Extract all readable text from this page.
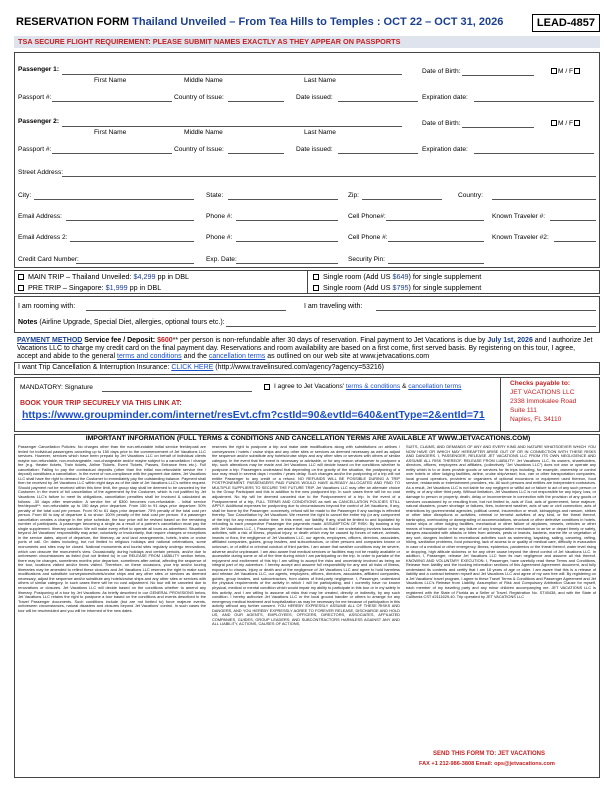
RESERVATION FORM Thailand Unveiled – From Tea Hills to Temples : OCT 22 – OCT 31, 2026	LEAD-4857
TSA SECURE FLIGHT REQUIREMENT: PLEASE SUBMIT NAMES EXACTLY AS THEY APPEAR ON PASSPORTS
Passenger 1:
First Name	Middle Name	Last Name
Date of Birth:	M / F
Passport #:	Country of Issue:	Date issued:	Expiration date:
Passenger 2:
First Name	Middle Name	Last Name
Date of Birth:	M / F
Passport #:	Country of Issue:	Date issued:	Expiration date:
Street Address:
City:	State:	Zip:	Country:
Email Address:	Phone #:	Cell Phone#:	Known Traveler #:
Email Address 2:	Phone #:	Cell Phone #:	Known Traveler #2:
Credit Card Number:	Exp. Date:	Security Pin:
MAIN TRIP – Thailand Unveiled: $4,299 pp in DBL
PRE TRIP – Singapore: $1,999 pp in DBL
Single room (Add US $649) for single supplement
Single room (Add US $795) for single supplement
I am rooming with:	I am traveling with:
Notes (Airline Upgrade, Special Diet, allergies, optional tours etc.):
PAYMENT METHOD Service fee / Deposit: $600** per person is non-refundable after 30 days of reservation. Final payment to Jet Vacations is due by July 1st, 2026 and I authorize Jet Vacations LLC to charge my credit card on the final payment day. Reservations and room availability are based on a first come, first served basis. By registering on this tour, I agree, accept and abide to the general terms and conditions and the cancellation terms as outlined on our web site at www.jetvacations.com
I want Trip Cancellation & Interruption Insurance: CLICK HERE (http://www.travelinsured.com/agency?agency=53216)
MANDATORY: Signature	I agree to Jet Vacations' terms & conditions & cancellation terms
BOOK YOUR TRIP SECURELY VIA THIS LINK AT:
https://www.groupminder.com/internet/resEvt.cfm?cstId=90&evtId=640&entType=2&entId=71
Checks payable to:
JET VACATIONS LLC
2338 Immokalee Road
Suite 111
Naples, FL 34110
IMPORTANT INFORMATION (FULL TERMS & CONDITIONS AND CANCELLATION TERMS ARE AVAILABLE AT WWW.JETVACATIONS.COM)
Passenger Cancellation Policies: No charges other than the non-refundable initial service fee/deposit are levied for individual passengers canceling up to 150 days prior to the commencement of Jet Vacations LLC services. However, services which have been prepaid by Jet Vacations LLC on behalf of individual clients maybe non-refundable, non-exchangeable, non-changeable and/or maybe subject to a cancellation / change fee (e.g. theater tickets, Train tickets, Airline Tickets, Event Tickets, Passes, Entrance fees etc.). Full cancellation: Failing to pay the contractual deposits (other than the initial non-refundable service fee / deposit) constitutes a cancellation. In the event of non-compliance with the payment due dates, Jet Vacations LLC shall have the right to demand the Customer to immediately pay the outstanding balance. Payment shall then be received by Jet Vacations LLC within eight days as of the date of Jet Vacations LLC's written request. Should payment not be received within this time limit, the group stay shall be deemed to be canceled by the Customer. In the event of full cancellation of the agreement by the Customer, which is not justified by Jet Vacations LLC's failure to meet its obligations, cancellation penalties shall be invoiced & calculated as follows: -30 days after reservation: A service fee of $300 becomes non-refundable. - Initial service fee/deposit**: non-refundable up to 150 days prior departure. From 150 to 91 days prior departure: 50% penalty of the total cost per person. From 90 to 61 days prior departure: 75% penalty of the total cost per person. From 60 to day of departure & no show: 100% penalty of the total cost per person. If a passenger cancellation creates a change in the price schedule, the tour price will be revised based on the remaining number of participants. A passenger becoming a single as a result of a partner's cancellation must pay the single supplement. Itinerary variation: We will make every effort to operate all tours as advertised. Situations beyond Jet Vacations' responsibility may arise, voluntarily or involuntarily, that require changes or exceptions in the service dates, airport of departure, the itinerary, air and land arrangements, hotels, trains or cruise ports of call. On dates including, but not limited to religious holidays and national celebrations, some monuments and sites may be closed. National monuments and tourist sites regularly undergo renovations, which can obscure the monument's view. Occasionally, during holidays and certain periods, and/or due to unforeseen circumstances as listed (but not limited to) in our RELEASE FROM LIABILITY section below, there may be changes, sometimes months prior departure, sometimes after arrival, affecting the sequence of the tour, locations visited and/or times visited. Therefore, on these occasions, your trip and/or touring itineraries may be amended to reflect these closures and Jet Vacations LLC reserves the right to make such modifications and substitute conveyances/hotels/cruise ships and any other sites or services as deemed necessary, adjust the sequence and/or substitute any hotels/cruise ships and any other sites or services with others of similar category. In such cases there will be no cost adjustment. No tour will be canceled due to renovations or closures. Jet Vacations LLC will decide based on the conditions whether to amend any itinerary. Postponing of a tour by Jet Vacations: As briefly described in our GENERAL PROVISIONS below, Jet Vacations LLC retains the right to postpone a tour based on the conditions and events described in the Travel Passenger documents. Such conditions include (but are not limited to) force majeure events, unforeseen circumstances, natural disasters and closures beyond Jet Vacations' control. In such cases the tour will be rescheduled and you will be informed of the new dates.
reserves the right to postpone a trip and make date modifications along with substitutions on airlines / conveyances / hotels / cruise ships and any other sites or services as deemed necessary as well as adjust the sequence and/or substitute any hotels/cruise ships and any other sites or services with others of similar category. In the event that the event is necessary or advisable, or for any reason whatsoever to postpone a trip, such alterations may be made and Jet Vacations LLC will decide based on the conditions whether to postpone a trip. Passengers understand that depending on the gravity of the situation, the postponing of a tour may result in several days / months / years delay. Such changes and/or the postponing of a trip will not entitle Passenger to any credit or a refund. NO REFUNDS WILL BE POSSIBLE DURING A TRIP POSTPONEMENT. PASSENGERS PAID FUNDS WOULD HAVE ALREADY ALLOCATED AND PAID TO MULTIPLE SUPPLIERS TO SECURE THE FUTURE TRIP. Jet Vacations LLC may offer an alternate choice to the Group Participant and this in addition to the new postponed trip. In such cases there will be no cost adjustment. No trip will be deemed canceled due to the Postponement of a trip. In the event of a Postponement of a trip, FULL TERMS AND CONDITIONS as well as CANCELLATION POLICIES STILL APPLY. Additional expenses for postponing due to circumstances beyond the control of Jet Vacations, if any, shall be borne by the Passenger; conversely, refund will be made to the Passenger if any savings is effected thereby. Tour Cancellation by Jet Vacations: We reserve the right to cancel the entire trip (or any component of the trip) for any reason and/or time. In this event, our liability, if any, shall be limited to and liquidated by refunding to each prospective Passenger the payments made. ASSUMPTION OF RISK: By booking a trip with Jet Vacations LLC, I, Passenger, am aware that travel such as that I am undertaking involves hazardous activities, with a risk of illness, physical injury, or death which may be caused by forces of nature, animals, insects or flora, the negligence of Jet Vacations LLC, our agents, employees, officers, directors, associates, affiliated companies, guides, group leaders, and subcontractors, or other persons and companies known or unknown, or of willful or criminal conduct of third parties. I am aware that weather conditions may be severe, adverse and/or unpleasant. I am also aware that medical services or facilities may not be readily available or accessible during some or all of the time during which I am participating on the trip. In order to partake of the enjoyment and excitement of this trip I am willing to accept the risks and uncertainty involved as being an integral part of my adventure. I hereby accept and assume full responsibility for any and all risks of illness, exposure to viruses, injury or death and of the negligence of Jet Vacations LLC and agree to hold harmless and release Jet Vacations LLC, our agents, employees, officers, directors, associates, affiliated companies, guides, group leaders, and subcontractors, from claims of third-party negligence. I, Passenger, understand the physical requirements of the activity in which I will be participating, and I currently have no known physical, medical or mental condition which would impair my ability to participate in this tour or in my safety in this activity, and I am willing to assume all risks that may be created, directly or indirectly, by any such condition. I hereby authorize Jet Vacations LLC or the local ground handler or others to arrange for any emergency medical treatment and hospitalization as may be necessary for me because of participation in this activity without any further consent. YOU HEREBY EXPRESSLY ASSUME ALL OF THESE RISKS AND DANGERS, AND YOU HEREBY EXPRESSLY AGREE TO FOREVER RELEASE, DISCHARGE AND HOLD US, AND OUR AGENTS, EMPLOYEES, OFFICERS, DIRECTORS, ASSOCIATES, AFFILIATED COMPANIES, GUIDES, GROUP LEADERS, AND SUBCONTRACTORS HARMLESS AGAINST ANY AND ALL LIABILITY, ACTIONS, CAUSES OF ACTIONS,
SUITS, CLAIMS, AND DEMANDS OF ANY AND EVERY KIND AND NATURE WHATSOEVER WHICH YOU NOW HAVE OR WHICH MAY HEREAFTER ARISE OUT OF OR IN CONNECTION WITH THESE RISKS AND DANGERS. I, PASSENGER, RELEASE JET VACATIONS LLC FROM ITS OWN NEGLIGENCE AND ASSUME ALL RISK THEREOF. RELEASE FROM LIABILITY: Jet Vacations LLC, its owners, shareholders, directors, officers, employees and affiliates, (collectively "Jet Vacations LLC") does not own or operate any entity which is to or does provide goods or services for its trips including, for example, ownership or control over hotels or other lodging facilities, airline, cruise ship/vessel, bus, van or other transportation companies, local ground operators, providers or organizers of optional excursions or equipment used thereon, food service, restaurants or entertainment providers, etc. All such persons and entities are independent contractors. As a result, Jet Vacations LLC is not liable for any negligent or willful act or failure to act of any such person or entity, or of any other third party. Without limitation, Jet Vacations LLC is not responsible for any injury, loss, or damage to person or property, death, delay or inconvenience in connection with the provision of any goods or services occasioned by or resulting from, but not limited to, acts of God, acts of government, force majeure, natural disasters, power shortage or failures, fires, inclement weather, acts of war or civil commotion, acts of restrictions by governmental agencies, political unrest, insurrection or revolt, kidnappings and ransom, strikes or other labor disruptions or activities, criminal or terrorist activities of any kind, or the threat thereof, bankruptcy, overbooking or downgrading of accommodations, structural or other defective conditions in hotels, cruise ships or other lodging facilities, mechanical or other failure of airplanes, vessels, vehicles or other means of transportation or for any failure of any transportation mechanism to arrive or depart timely or safely, dangers associated with attacks or bites from animals, pests or insects, bacteria, marine life or vegetation of any sort, dangers incident to recreational activities such as swimming, kayaking, sailing, canoeing, rafting, hiking, sanitation problems, food poisoning, lack of access to or quality of medical care, difficulty in evacuation in case of a medical or other emergency, illness, epidemics, pandemics or the threat thereof, water level rising or dropping, high altitude sickness or for any other cause beyond the direct control of Jet Vacations LLC. In addition, I, Passenger, release Jet Vacations LLC from its own negligence and assume all risk thereof. KNOWING AND VOLUNTARY EXECUTION: I, Passenger, have carefully read these Terms and Conditions, Release from liability and the booking information sections of this Agreement Agreement document, and fully understand its contents and certify that I am 18 years of age or older. I am aware that this is a release of liability and a contract between myself and Jet Vacations LLC and agree of my own free will. By registering on a Jet Vacations' travel program, I agree to these Travel Terms & Conditions and Passenger Agreement and Jet Vacations LLC's Release from Liability, Assumption of Risk and Compulsory Arbitration Clause for myself, each member of my traveling party and any minor children accompanying me. JET VACATIONS LLC is registered with the State of Florida as a Seller of Travel. Registration No. ST40438, and with the State of California CST #2111629-40. Trip operated by JET VACATIONS LLC
SEND THIS FORM TO: JET VACATIONS
FAX +1 212-986-3808 Email: ops@jetvacations.com
